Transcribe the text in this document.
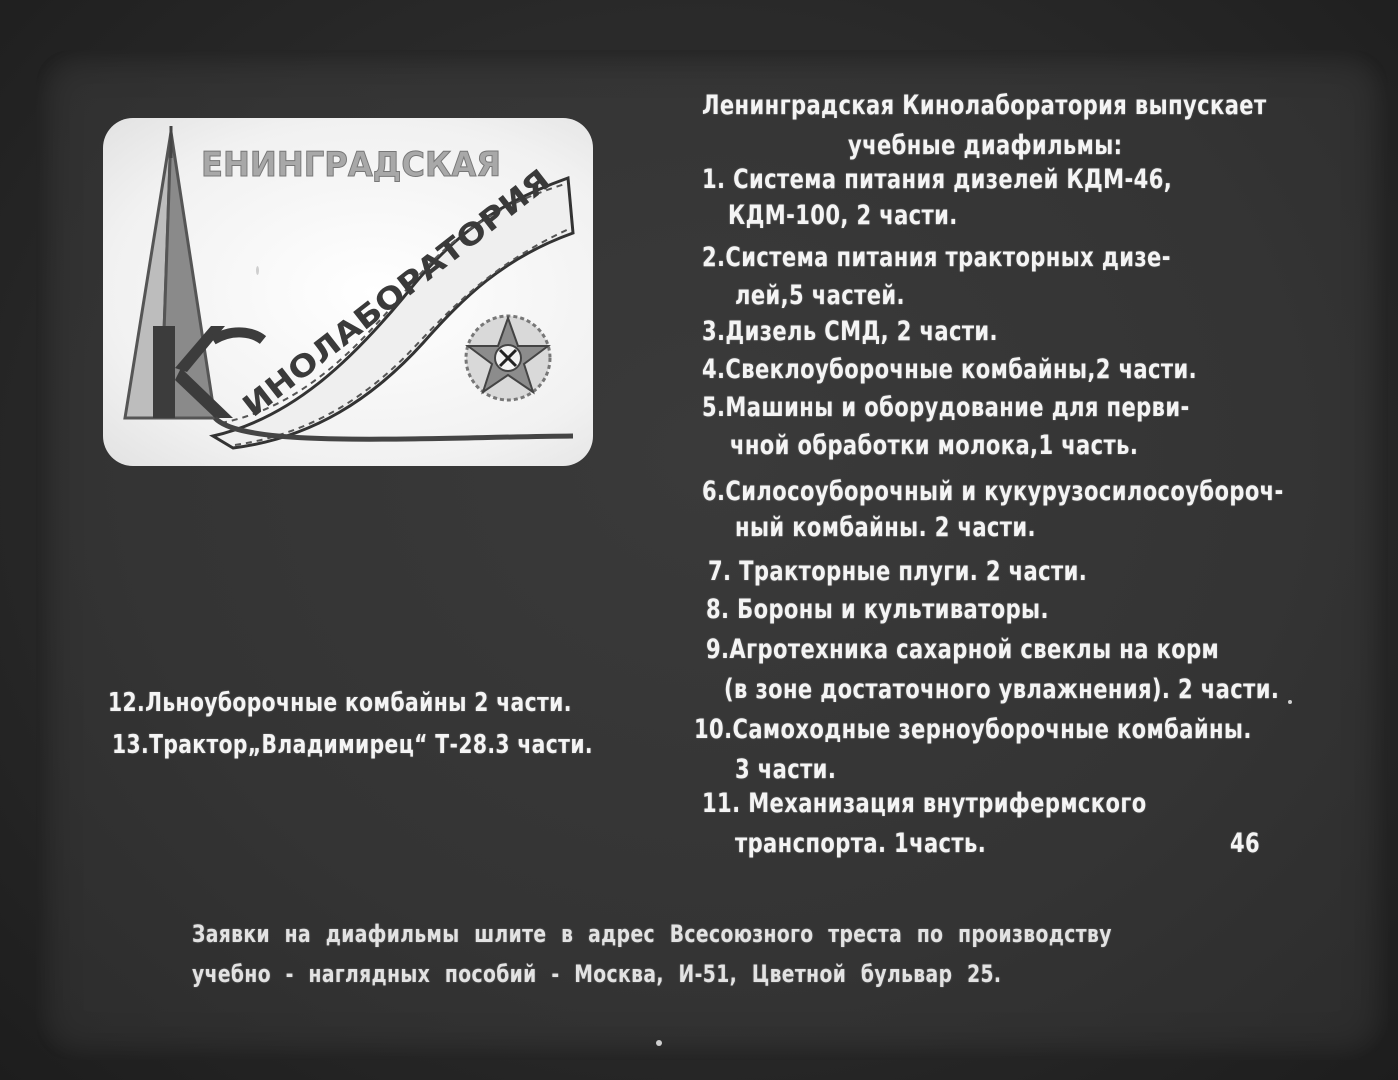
ЕНИНГРАДСКАЯ
ИНОЛАБОРАТОРИЯ
Ленинградская Кинолаборатория выпускает
учебные диафильмы:
1. Система питания дизелей КДМ-46,
КДМ-100, 2 части.
2.Система питания тракторных дизе-
лей,5 частей.
3.Дизель СМД, 2 части.
4.Свеклоуборочные комбайны,2 части.
5.Машины и оборудование для перви-
чной обработки молока,1 часть.
6.Силосоуборочный и кукурузосилосоубороч-
ный комбайны. 2 части.
7. Тракторные плуги. 2 части.
8. Бороны и культиваторы.
9.Агротехника сахарной свеклы на корм
(в зоне достаточного увлажнения). 2 части.
10.Самоходные зерноуборочные комбайны.
3 части.
11. Механизация внутрифермского
транспорта. 1часть.	46
12.Льноуборочные комбайны 2 части.
13.Трактор„Владимирец“ Т-28.3 части.
Заявки на диафильмы шлите в адрес Всесоюзного треста по производству
учебно - наглядных пособий - Москва, И-51, Цветной бульвар 25.
